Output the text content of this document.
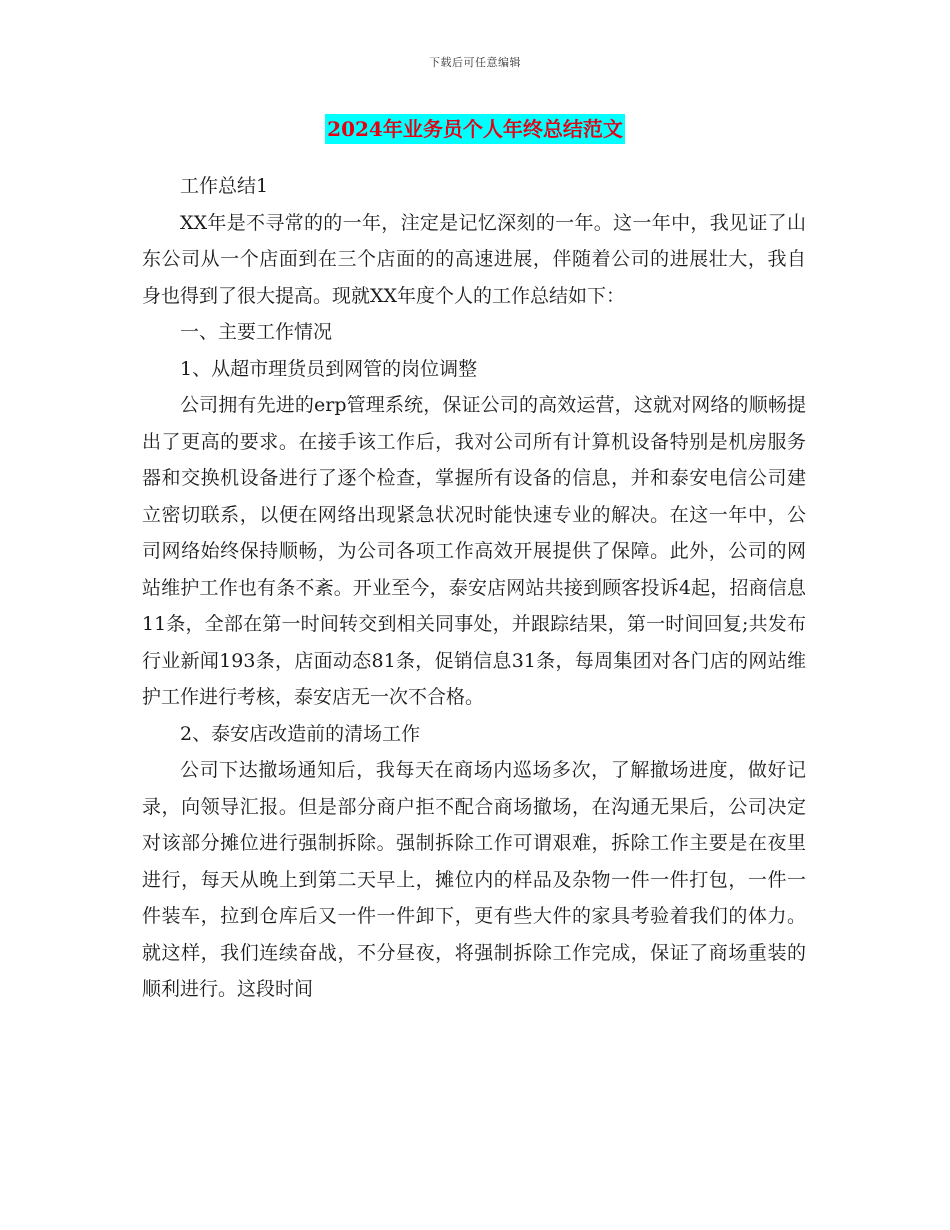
下载后可任意编辑
2024年业务员个人年终总结范文

工作总结1

XX年是不寻常的的一年，注定是记忆深刻的一年。这一年中，我见证了山东公司从一个店面到在三个店面的的高速进展，伴随着公司的进展壮大，我自身也得到了很大提高。现就XX年度个人的工作总结如下：

一、主要工作情况

1、从超市理货员到网管的岗位调整

公司拥有先进的erp管理系统，保证公司的高效运营，这就对网络的顺畅提出了更高的要求。在接手该工作后，我对公司所有计算机设备特别是机房服务器和交换机设备进行了逐个检查，掌握所有设备的信息，并和泰安电信公司建立密切联系，以便在网络出现紧急状况时能快速专业的解决。在这一年中，公司网络始终保持顺畅，为公司各项工作高效开展提供了保障。此外，公司的网站维护工作也有条不紊。开业至今，泰安店网站共接到顾客投诉4起，招商信息11条，全部在第一时间转交到相关同事处，并跟踪结果，第一时间回复;共发布行业新闻193条，店面动态81条，促销信息31条，每周集团对各门店的网站维护工作进行考核，泰安店无一次不合格。

2、泰安店改造前的清场工作

公司下达撤场通知后，我每天在商场内巡场多次，了解撤场进度，做好记录，向领导汇报。但是部分商户拒不配合商场撤场，在沟通无果后，公司决定对该部分摊位进行强制拆除。强制拆除工作可谓艰难，拆除工作主要是在夜里进行，每天从晚上到第二天早上，摊位内的样品及杂物一件一件打包，一件一件装车，拉到仓库后又一件一件卸下，更有些大件的家具考验着我们的体力。就这样，我们连续奋战，不分昼夜，将强制拆除工作完成，保证了商场重装的顺利进行。这段时间
